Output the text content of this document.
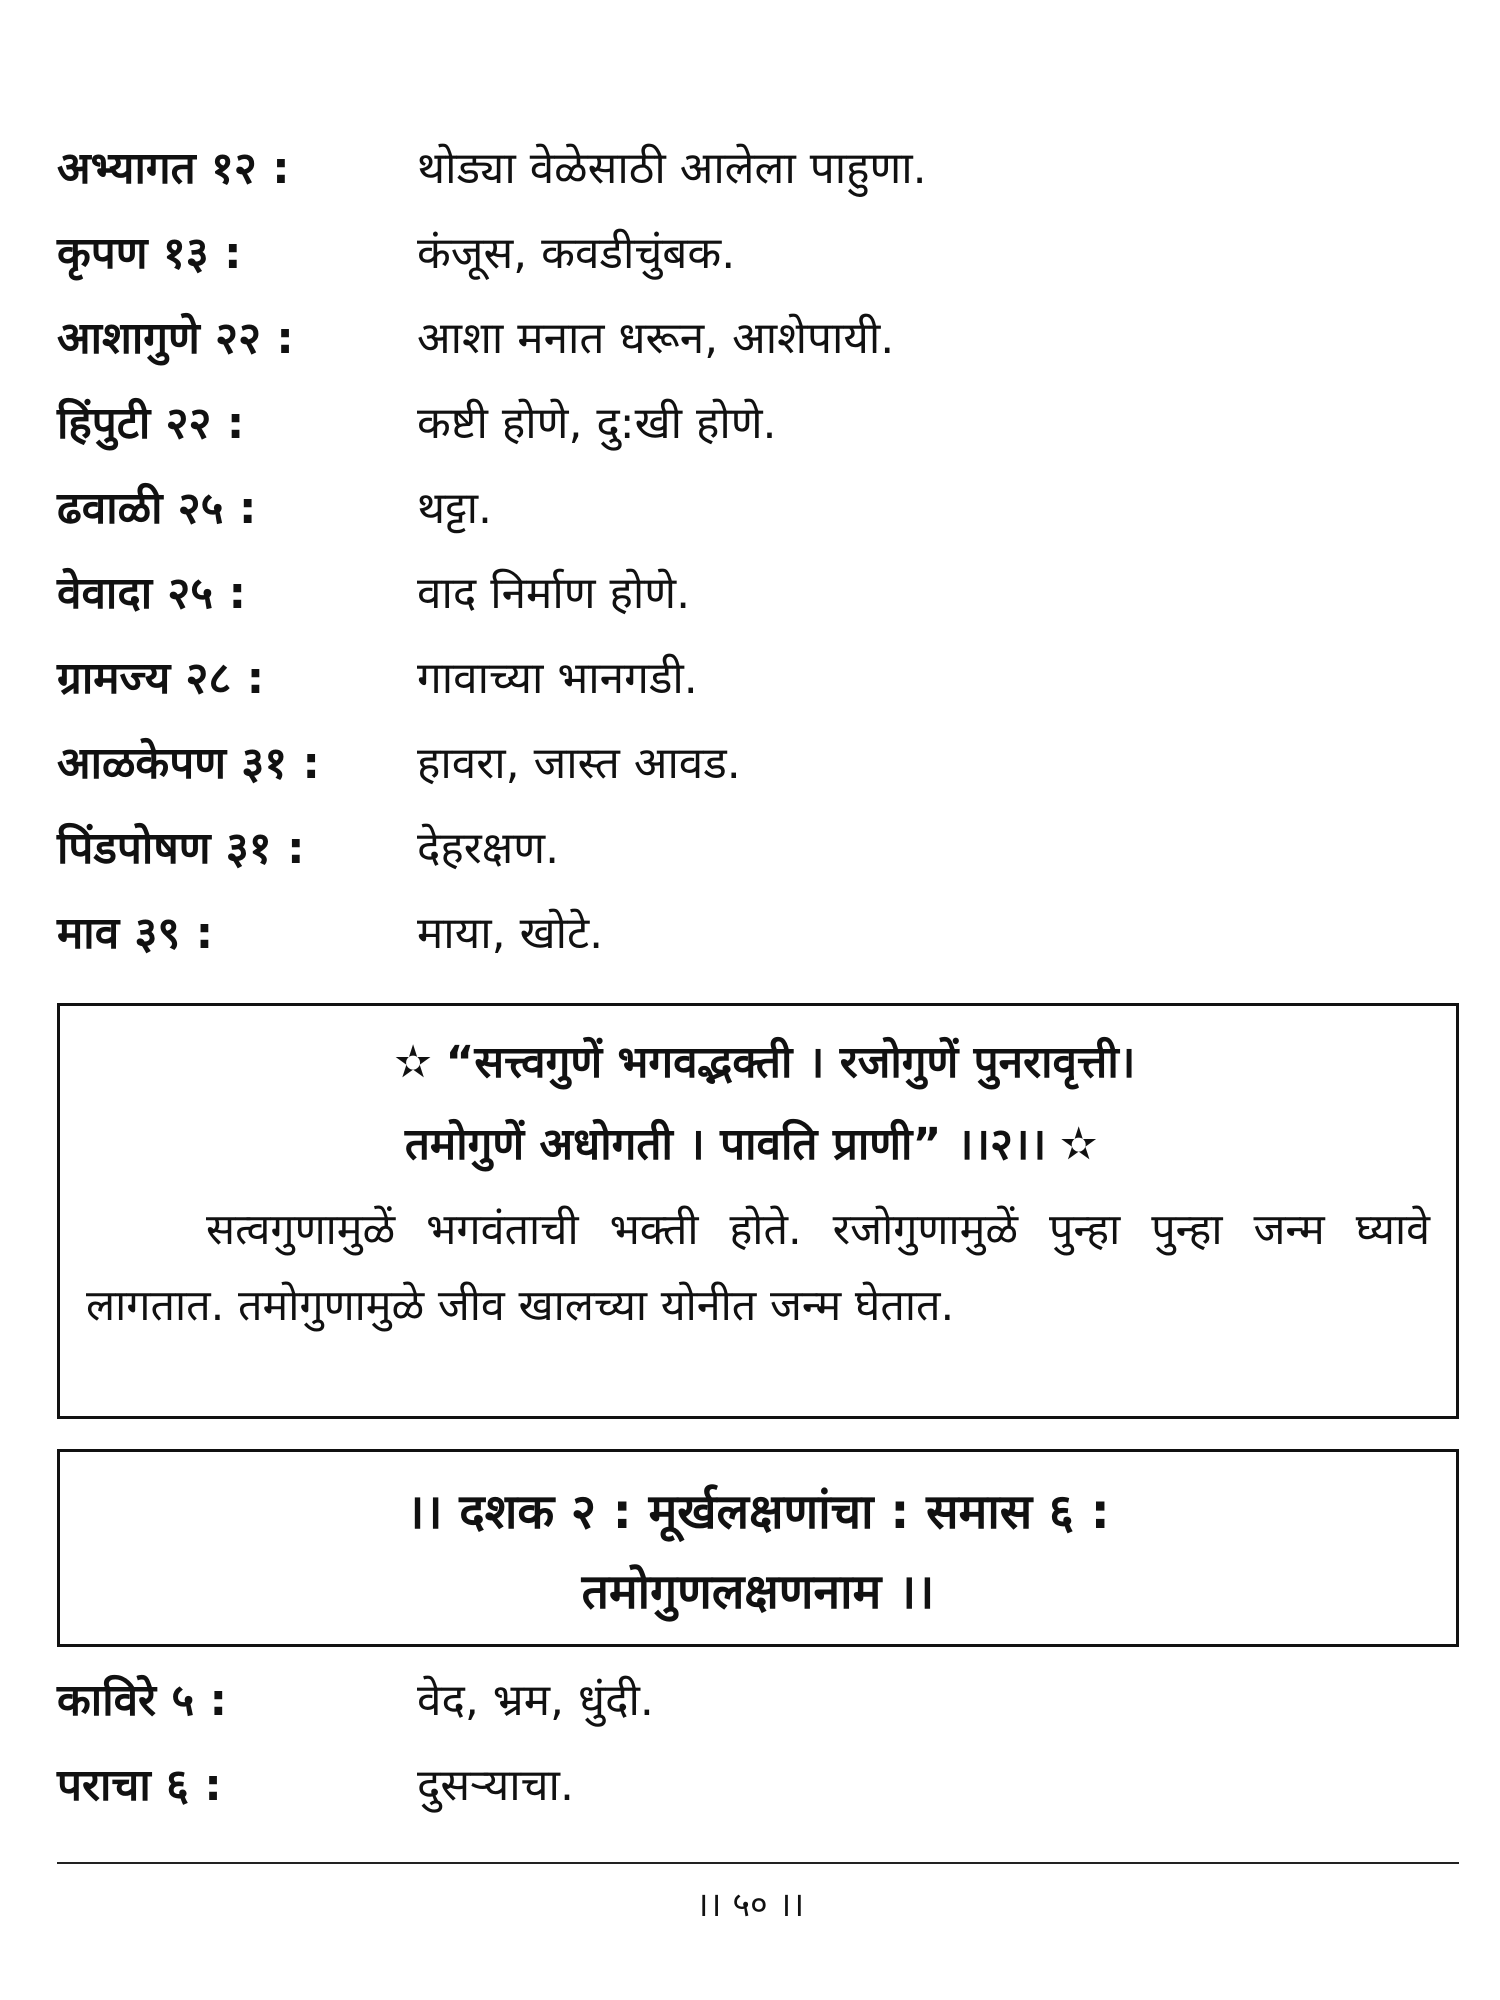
अभ्यागत १२ :	थोड्या वेळेसाठी आलेला पाहुणा.
कृपण १३ :	कंजूस, कवडीचुंबक.
आशागुणे २२ :	आशा मनात धरून, आशेपायी.
हिंपुटी २२ :	कष्टी होणे, दु:खी होणे.
ढवाळी २५ :	थट्टा.
वेवादा २५ :	वाद निर्माण होणे.
ग्रामज्य २८ :	गावाच्या भानगडी.
आळकेपण ३१ : हावरा, जास्त आवड.
पिंडपोषण ३१ :	देहरक्षण.
माव ३९ :	माया, खोटे.
✫ “सत्त्वगुणें भगवद्भक्ती । रजोगुणें पुनरावृत्ती।
तमोगुणें अधोगती । पावति प्राणी” ।।२।। ✫
सत्वगुणामुळें भगवंताची भक्ती होते. रजोगुणामुळें पुन्हा पुन्हा जन्म घ्यावे लागतात. तमोगुणामुळे जीव खालच्या योनीत जन्म घेतात.
।। दशक २ : मूर्खलक्षणांचा : समास ६ :
तमोगुणलक्षणनाम ।।
काविरे ५ :	वेद, भ्रम, धुंदी.
पराचा ६ :	दुसऱ्याचा.
।। ५० ।।
